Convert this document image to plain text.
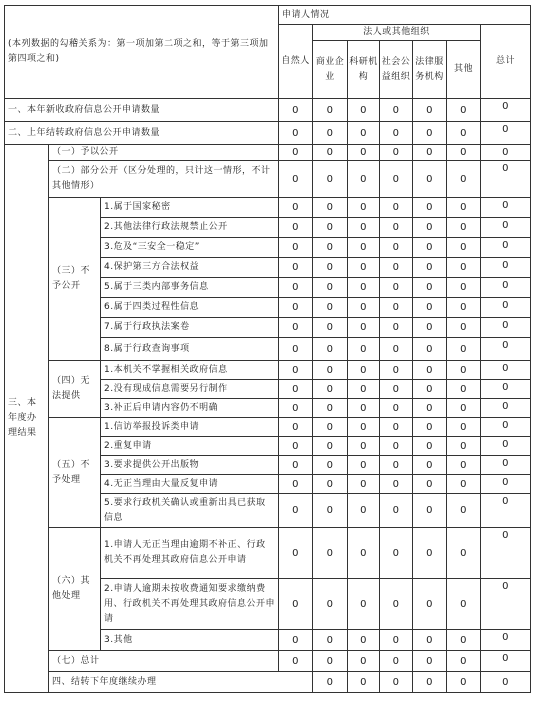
(本列数据的勾稽关系为：第一项加第二项之和，等于第三项加第四项之和)			申请人情况							
			自然人	法人或其他组织					总计	
				商业企业	科研机构	社会公益组织	法律服务机构	其他		
一、本年新收政府信息公开申请数量			0	0	0	0	0	0	0	
二、上年结转政府信息公开申请数量			0	0	0	0	0	0	0	
三、本年度办理结果	（一）予以公开		0	0	0	0	0	0	0	
	（二）部分公开（区分处理的，只计这一情形，不计其他情形）		0	0	0	0	0	0	0	
	（三）不予公开	1.属于国家秘密	0	0	0	0	0	0	0	
		2.其他法律行政法规禁止公开	0	0	0	0	0	0	0	
		3.危及“三安全一稳定”	0	0	0	0	0	0	0	
		4.保护第三方合法权益	0	0	0	0	0	0	0	
		5.属于三类内部事务信息	0	0	0	0	0	0	0	
		6.属于四类过程性信息	0	0	0	0	0	0	0	
		7.属于行政执法案卷	0	0	0	0	0	0	0	
		8.属于行政查询事项	0	0	0	0	0	0	0	
	（四）无法提供	1.本机关不掌握相关政府信息	0	0	0	0	0	0	0	
		2.没有现成信息需要另行制作	0	0	0	0	0	0	0	
		3.补正后申请内容仍不明确	0	0	0	0	0	0	0	
	（五）不予处理	1.信访举报投诉类申请	0	0	0	0	0	0	0	
		2.重复申请	0	0	0	0	0	0	0	
		3.要求提供公开出版物	0	0	0	0	0	0	0	
		4.无正当理由大量反复申请	0	0	0	0	0	0	0	
		5.要求行政机关确认或重新出具已获取信息	0	0	0	0	0	0	0	
	（六）其他处理	1.申请人无正当理由逾期不补正、行政机关不再处理其政府信息公开申请	0	0	0	0	0	0	0	
		2.申请人逾期未按收费通知要求缴纳费用、行政机关不再处理其政府信息公开申请	0	0	0	0	0	0	0	
		3.其他	0	0	0	0	0	0	0	
	（七）总计		0	0	0	0	0	0	0	
	四、结转下年度继续办理			0	0	0	0	0	0	
